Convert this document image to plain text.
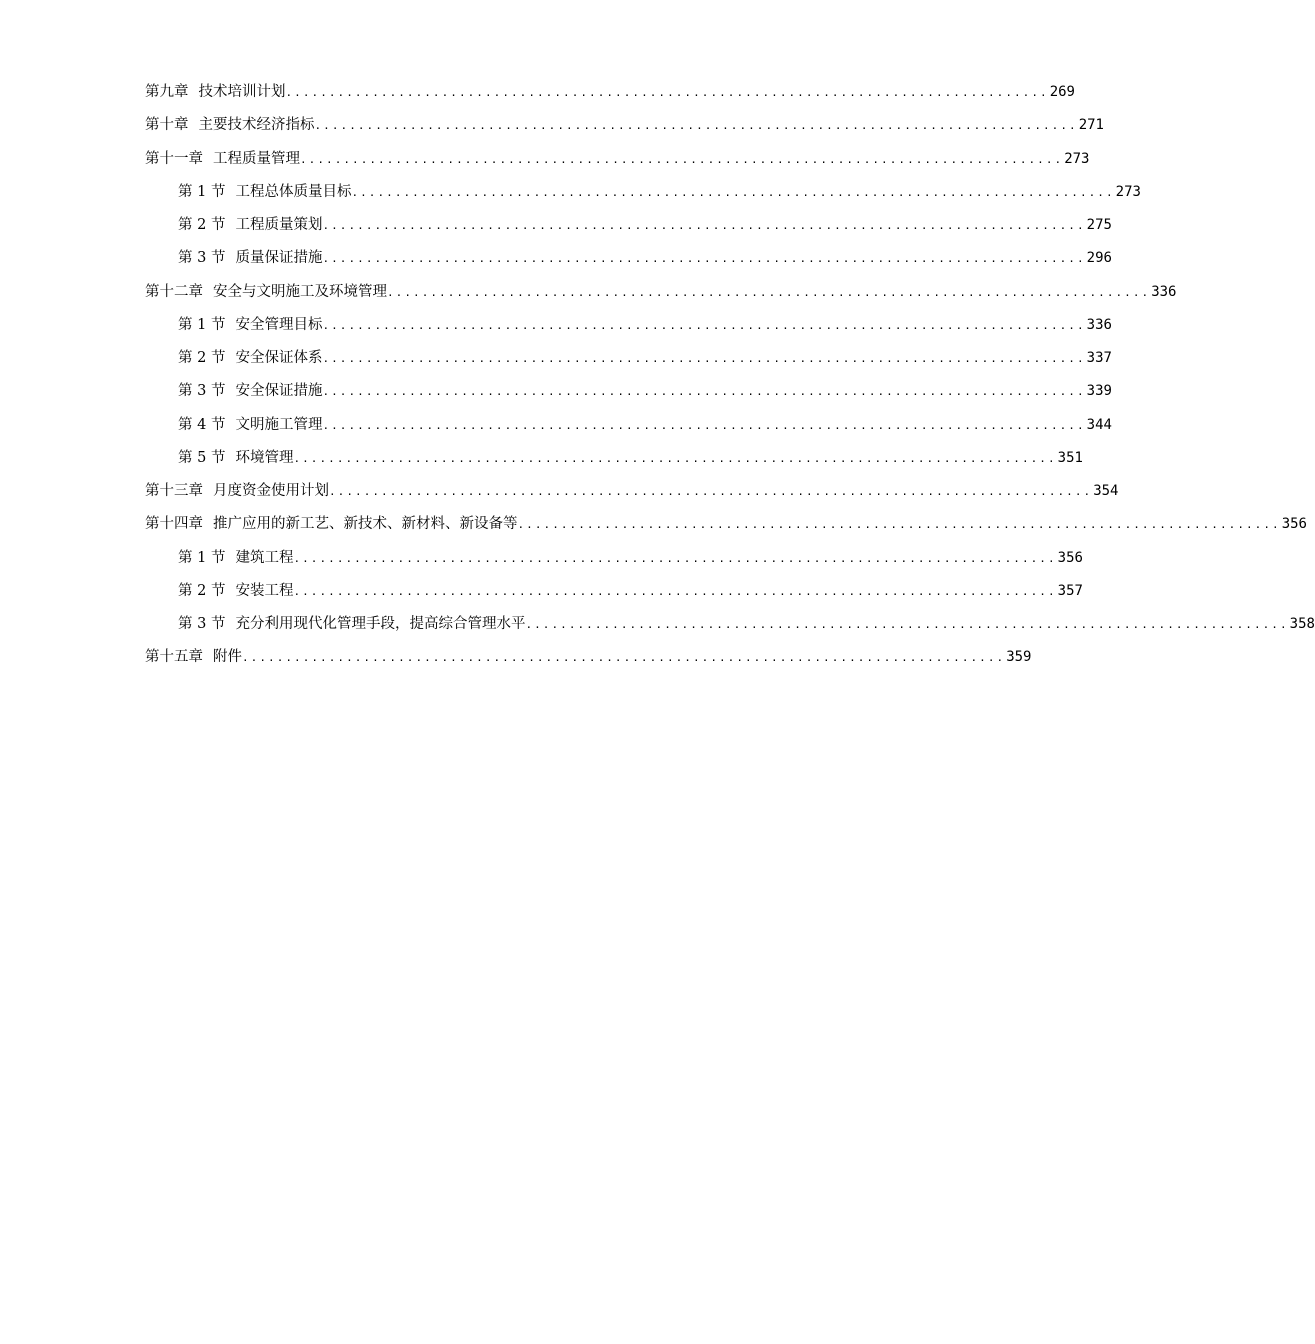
第九章 技术培训计划 ........................................................................................ 269
第十章 主要技术经济指标 ........................................................................................ 271
第十一章 工程质量管理 ........................................................................................ 273
第 1 节 工程总体质量目标 ........................................................................................ 273
第 2 节 工程质量策划 ........................................................................................ 275
第 3 节 质量保证措施 ........................................................................................ 296
第十二章 安全与文明施工及环境管理 ........................................................................................ 336
第 1 节 安全管理目标 ........................................................................................ 336
第 2 节 安全保证体系 ........................................................................................ 337
第 3 节 安全保证措施 ........................................................................................ 339
第 4 节 文明施工管理 ........................................................................................ 344
第 5 节 环境管理 ........................................................................................ 351
第十三章 月度资金使用计划 ........................................................................................ 354
第十四章 推广应用的新工艺、新技术、新材料、新设备等 ........................................................................................ 356
第 1 节 建筑工程 ........................................................................................ 356
第 2 节 安装工程 ........................................................................................ 357
第 3 节 充分利用现代化管理手段，提高综合管理水平 ........................................................................................ 358
第十五章 附件 ........................................................................................ 359
